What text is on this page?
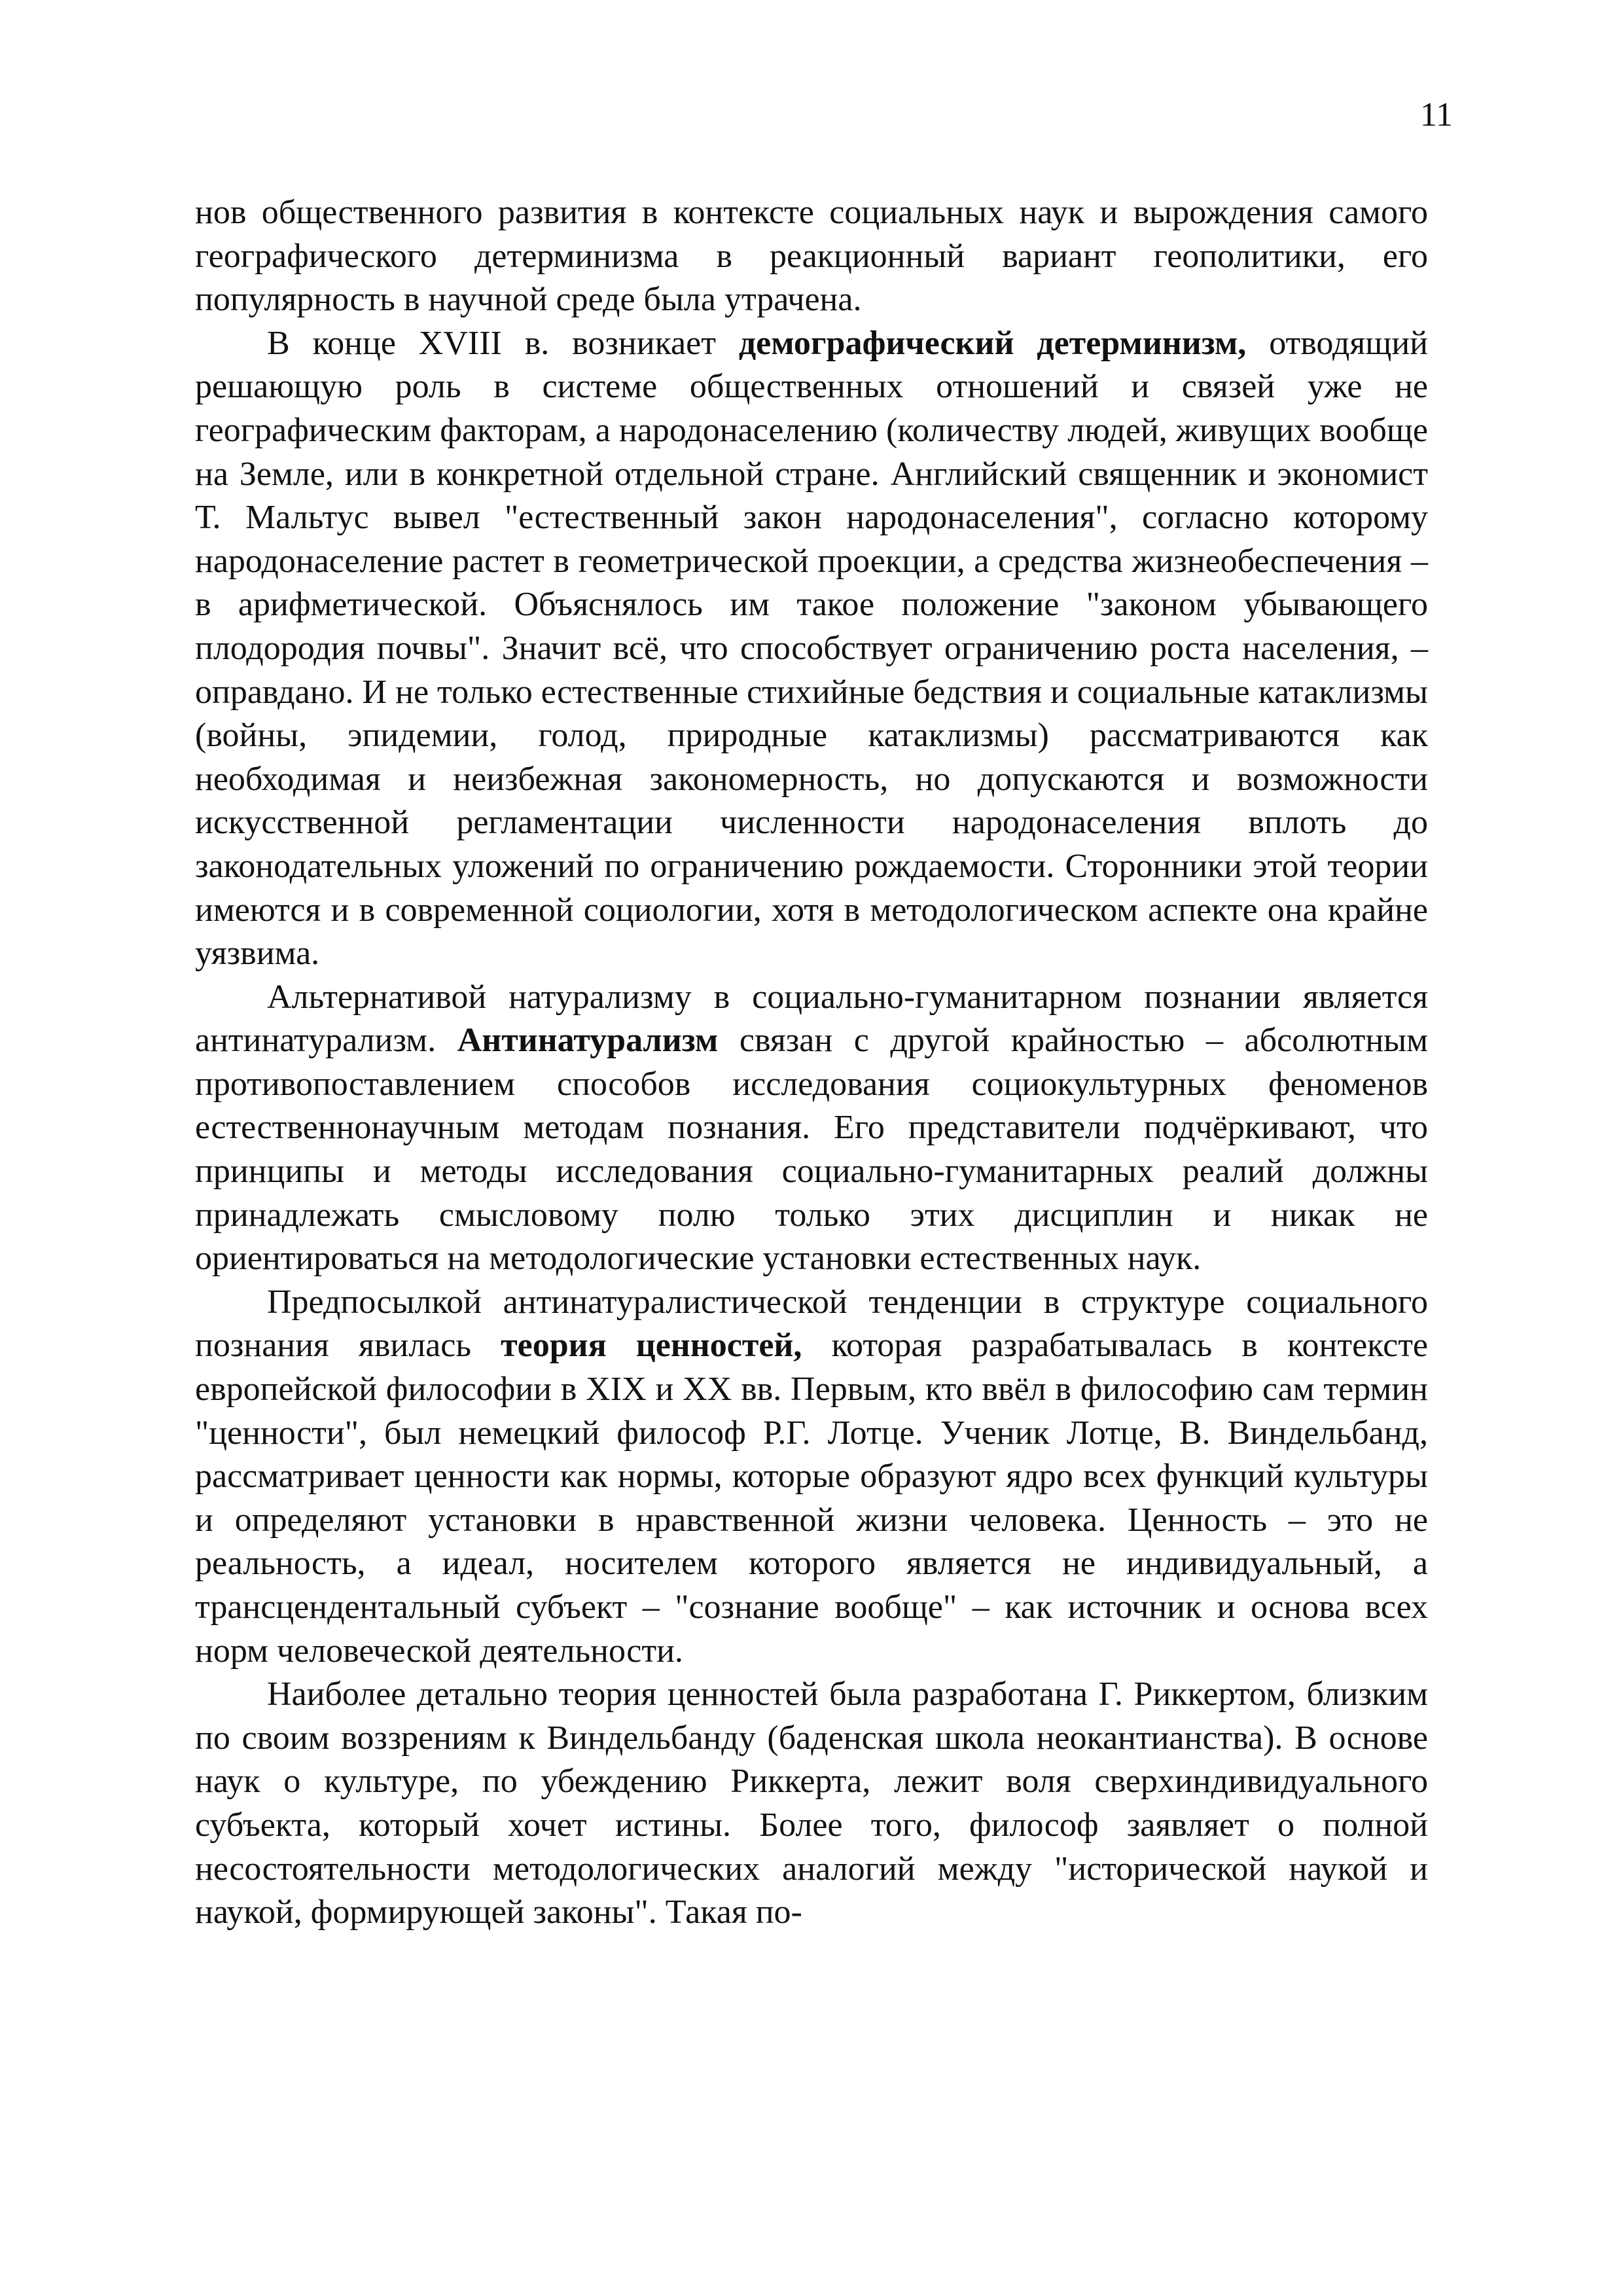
11

нов общественного развития в контексте социальных наук и вырождения самого географического детерминизма в реакционный вариант геополитики, его популярность в научной среде была утрачена.

В конце XVIII в. возникает демографический детерминизм, отводящий решающую роль в системе общественных отношений и связей уже не географическим факторам, а народонаселению (количеству людей, живущих вообще на Земле, или в конкретной отдельной стране. Английский священник и экономист Т. Мальтус вывел "естественный закон народонаселения", согласно которому народонаселение растет в геометрической проекции, а средства жизнеобеспечения – в арифметической. Объяснялось им такое положение "законом убывающего плодородия почвы". Значит всё, что способствует ограничению роста населения, – оправдано. И не только естественные стихийные бедствия и социальные катаклизмы (войны, эпидемии, голод, природные катаклизмы) рассматриваются как необходимая и неизбежная закономерность, но допускаются и возможности искусственной регламентации численности народонаселения вплоть до законодательных уложений по ограничению рождаемости. Сторонники этой теории имеются и в современной социологии, хотя в методологическом аспекте она крайне уязвима.

Альтернативой натурализму в социально-гуманитарном познании является антинатурализм. Антинатурализм связан с другой крайностью – абсолютным противопоставлением способов исследования социокультурных феноменов естественнонаучным методам познания. Его представители подчёркивают, что принципы и методы исследования социально-гуманитарных реалий должны принадлежать смысловому полю только этих дисциплин и никак не ориентироваться на методологические установки естественных наук.

Предпосылкой антинатуралистической тенденции в структуре социального познания явилась теория ценностей, которая разрабатывалась в контексте европейской философии в XIX и XX вв. Первым, кто ввёл в философию сам термин "ценности", был немецкий философ Р.Г. Лотце. Ученик Лотце, В. Виндельбанд, рассматривает ценности как нормы, которые образуют ядро всех функций культуры и определяют установки в нравственной жизни человека. Ценность – это не реальность, а идеал, носителем которого является не индивидуальный, а трансцендентальный субъект – "сознание вообще" – как источник и основа всех норм человеческой деятельности.

Наиболее детально теория ценностей была разработана Г. Риккертом, близким по своим воззрениям к Виндельбанду (баденская школа неокантианства). В основе наук о культуре, по убеждению Риккерта, лежит воля сверхиндивидуального субъекта, который хочет истины. Более того, философ заявляет о полной несостоятельности методологических аналогий между "исторической наукой и наукой, формирующей законы". Такая по-
